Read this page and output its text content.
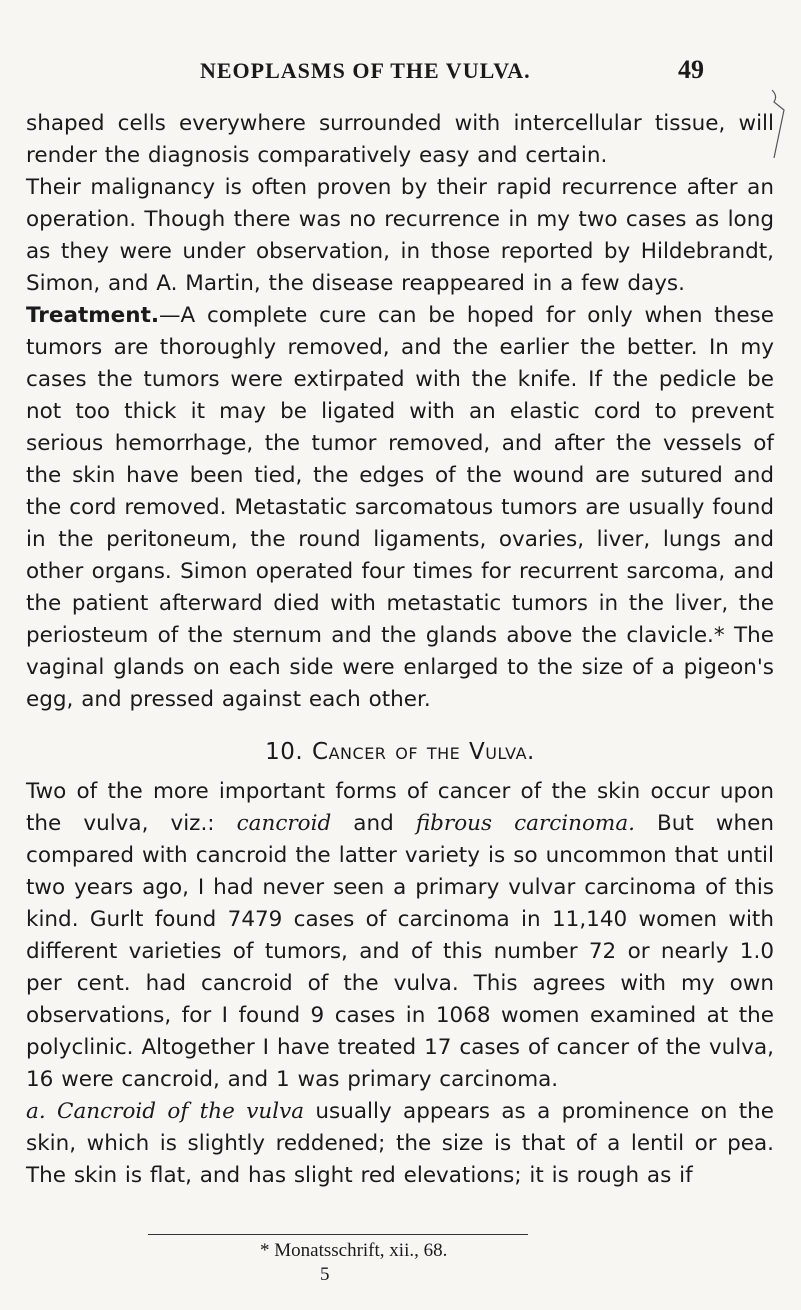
NEOPLASMS OF THE VULVA.	49

shaped cells everywhere surrounded with intercellular tissue, will render the diagnosis comparatively easy and certain.

Their malignancy is often proven by their rapid recurrence after an operation. Though there was no recurrence in my two cases as long as they were under observation, in those reported by Hildebrandt, Simon, and A. Martin, the disease reappeared in a few days.

Treatment.—A complete cure can be hoped for only when these tumors are thoroughly removed, and the earlier the better. In my cases the tumors were extirpated with the knife. If the pedicle be not too thick it may be ligated with an elastic cord to prevent serious hemorrhage, the tumor removed, and after the vessels of the skin have been tied, the edges of the wound are sutured and the cord removed. Metastatic sarcomatous tumors are usually found in the peritoneum, the round ligaments, ovaries, liver, lungs and other organs. Simon operated four times for recurrent sarcoma, and the patient afterward died with metastatic tumors in the liver, the periosteum of the sternum and the glands above the clavicle.* The vaginal glands on each side were enlarged to the size of a pigeon's egg, and pressed against each other.

10. Cancer of the Vulva.

Two of the more important forms of cancer of the skin occur upon the vulva, viz.: cancroid and fibrous carcinoma. But when compared with cancroid the latter variety is so uncommon that until two years ago, I had never seen a primary vulvar carcinoma of this kind. Gurlt found 7479 cases of carcinoma in 11,140 women with different varieties of tumors, and of this number 72 or nearly 1.0 per cent. had cancroid of the vulva. This agrees with my own observations, for I found 9 cases in 1068 women examined at the polyclinic. Altogether I have treated 17 cases of cancer of the vulva, 16 were cancroid, and 1 was primary carcinoma.

a. Cancroid of the vulva usually appears as a prominence on the skin, which is slightly reddened; the size is that of a lentil or pea. The skin is flat, and has slight red elevations; it is rough as if

* Monatsschrift, xii., 68.
5
